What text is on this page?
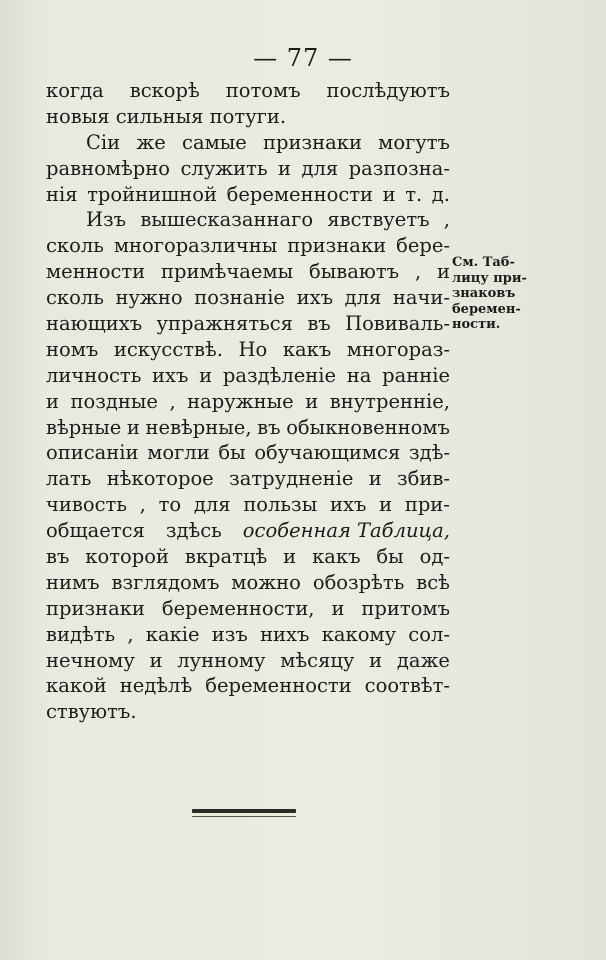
— 77 —
когда вскорѣ потомъ послѣдуютъ
новыя сильныя потуги.
Сіи же самые признаки могутъ
равномѣрно служить и для разпозна-
нія тройнишной беременности и т. д.
Изъ вышесказаннаго явствуетъ ,
сколь многоразличны признаки бере-
менности примѣчаемы бываютъ , и
сколь нужно познаніе ихъ для начи-
нающихъ упражняться въ Повиваль-
номъ искусствѣ. Но какъ многораз-
личность ихъ и раздѣленіе на ранніе
и поздные , наружные и внутренніе,
вѣрные и невѣрные, въ обыкновенномъ
описаніи могли бы обучающимся здѣ-
лать нѣкоторое затрудненіе и збив-
чивость , то для пользы ихъ и при-
общается здѣсь особенная Таблица,
въ которой вкратцѣ и какъ бы од-
нимъ взглядомъ можно обозрѣть всѣ
признаки беременности, и притомъ
видѣть , какіе изъ нихъ какому сол-
нечному и лунному мѣсяцу и даже
какой недѣлѣ беременности соотвѣт-
ствуютъ.
См. Таб-
лицу при-
знаковъ
беремен-
ности.
